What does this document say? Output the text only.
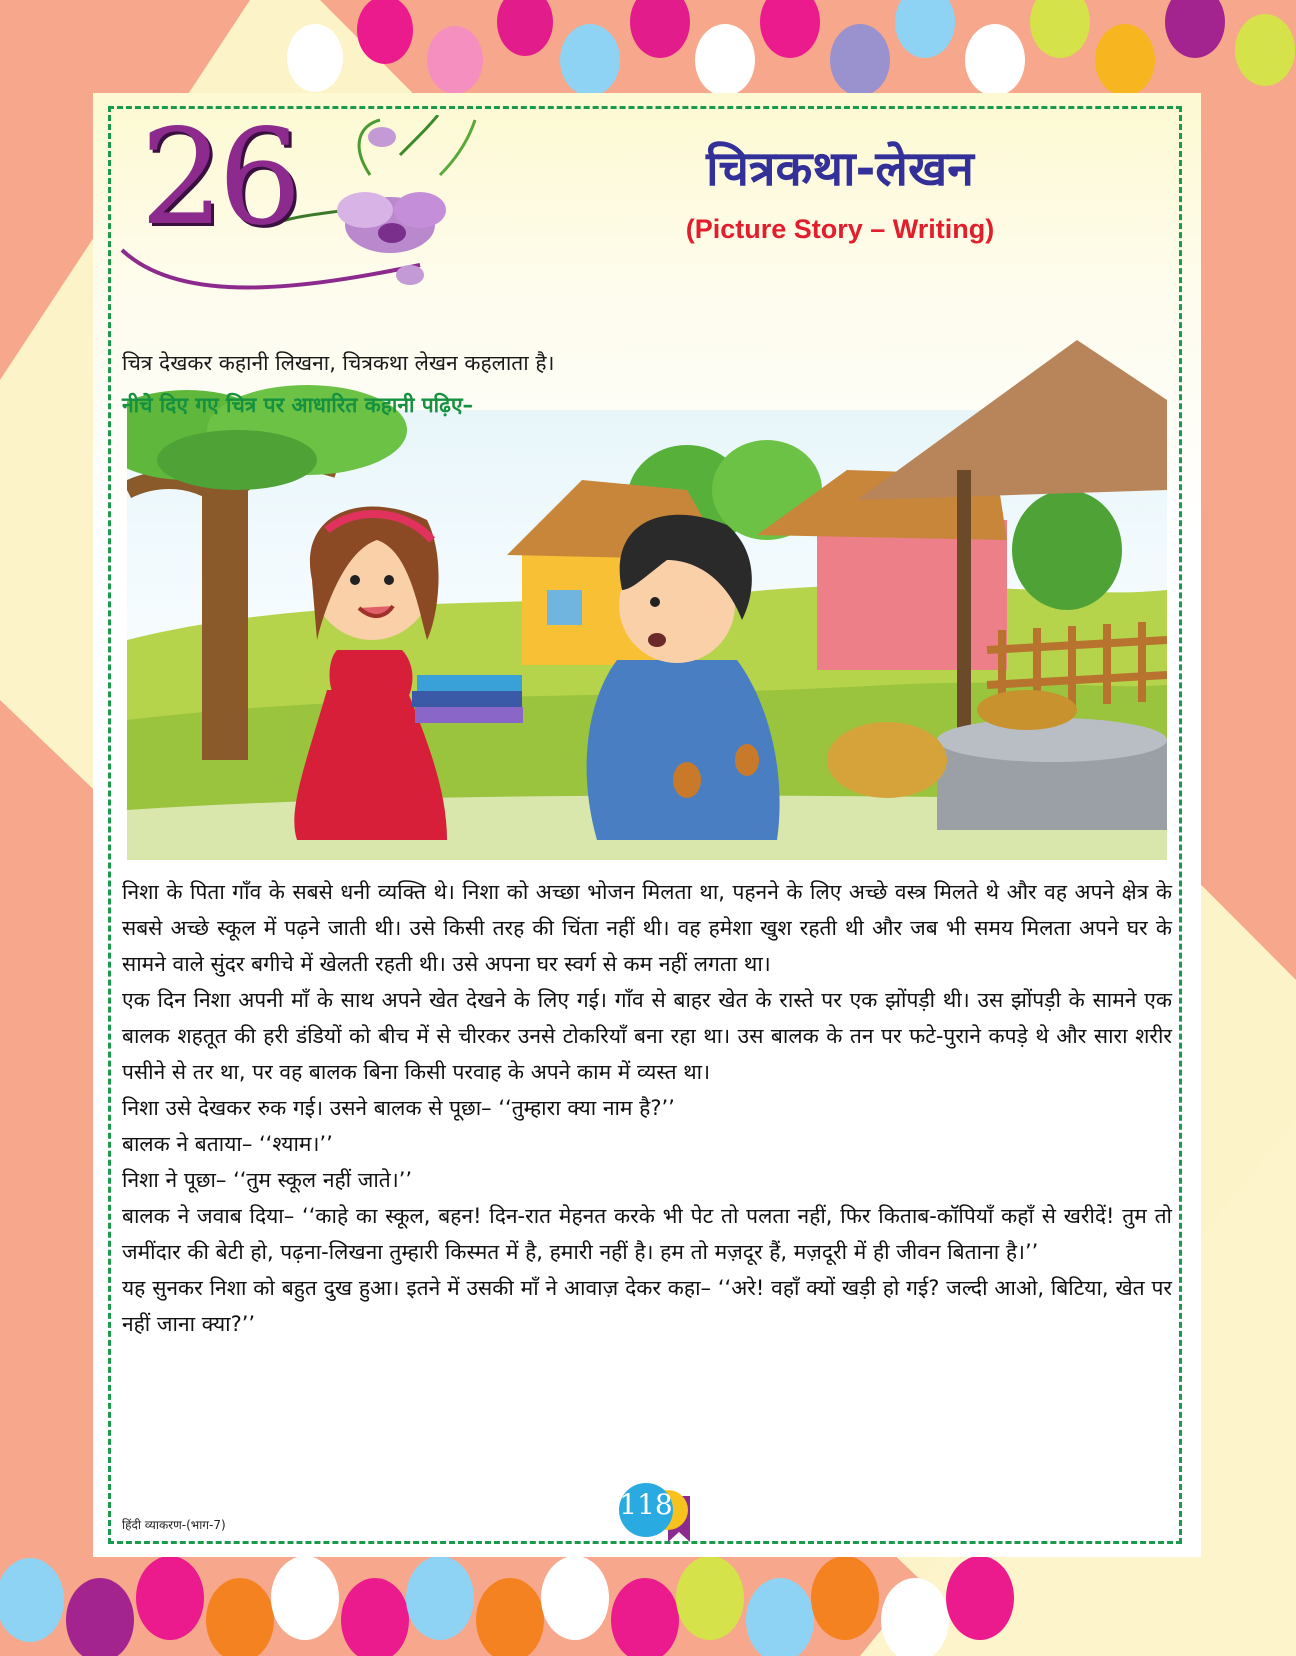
26	चित्रकथा-लेखन
(Picture Story – Writing)
चित्र देखकर कहानी लिखना, चित्रकथा लेखन कहलाता है।
नीचे दिए गए चित्र पर आधारित कहानी पढ़िए–

निशा के पिता गाँव के सबसे धनी व्यक्ति थे। निशा को अच्छा भोजन मिलता था, पहनने के लिए अच्छे वस्त्र मिलते थे और वह अपने क्षेत्र के सबसे अच्छे स्कूल में पढ़ने जाती थी। उसे किसी तरह की चिंता नहीं थी। वह हमेशा खुश रहती थी और जब भी समय मिलता अपने घर के सामने वाले सुंदर बगीचे में खेलती रहती थी। उसे अपना घर स्वर्ग से कम नहीं लगता था।

एक दिन निशा अपनी माँ के साथ अपने खेत देखने के लिए गई। गाँव से बाहर खेत के रास्ते पर एक झोंपड़ी थी। उस झोंपड़ी के सामने एक बालक शहतूत की हरी डंडियों को बीच में से चीरकर उनसे टोकरियाँ बना रहा था। उस बालक के तन पर फटे-पुराने कपड़े थे और सारा शरीर पसीने से तर था, पर वह बालक बिना किसी परवाह के अपने काम में व्यस्त था।

निशा उसे देखकर रुक गई। उसने बालक से पूछा– ‘‘तुम्हारा क्या नाम है?’’

बालक ने बताया– ‘‘श्याम।’’

निशा ने पूछा– ‘‘तुम स्कूल नहीं जाते।’’

बालक ने जवाब दिया– ‘‘काहे का स्कूल, बहन! दिन-रात मेहनत करके भी पेट तो पलता नहीं, फिर किताब-कॉपियाँ कहाँ से खरीदें! तुम तो जमींदार की बेटी हो, पढ़ना-लिखना तुम्हारी किस्मत में है, हमारी नहीं है। हम तो मज़दूर हैं, मज़दूरी में ही जीवन बिताना है।’’

यह सुनकर निशा को बहुत दुख हुआ। इतने में उसकी माँ ने आवाज़ देकर कहा– ‘‘अरे! वहाँ क्यों खड़ी हो गई? जल्दी आओ, बिटिया, खेत पर नहीं जाना क्या?’’

हिंदी व्याकरण-(भाग-7)
118
